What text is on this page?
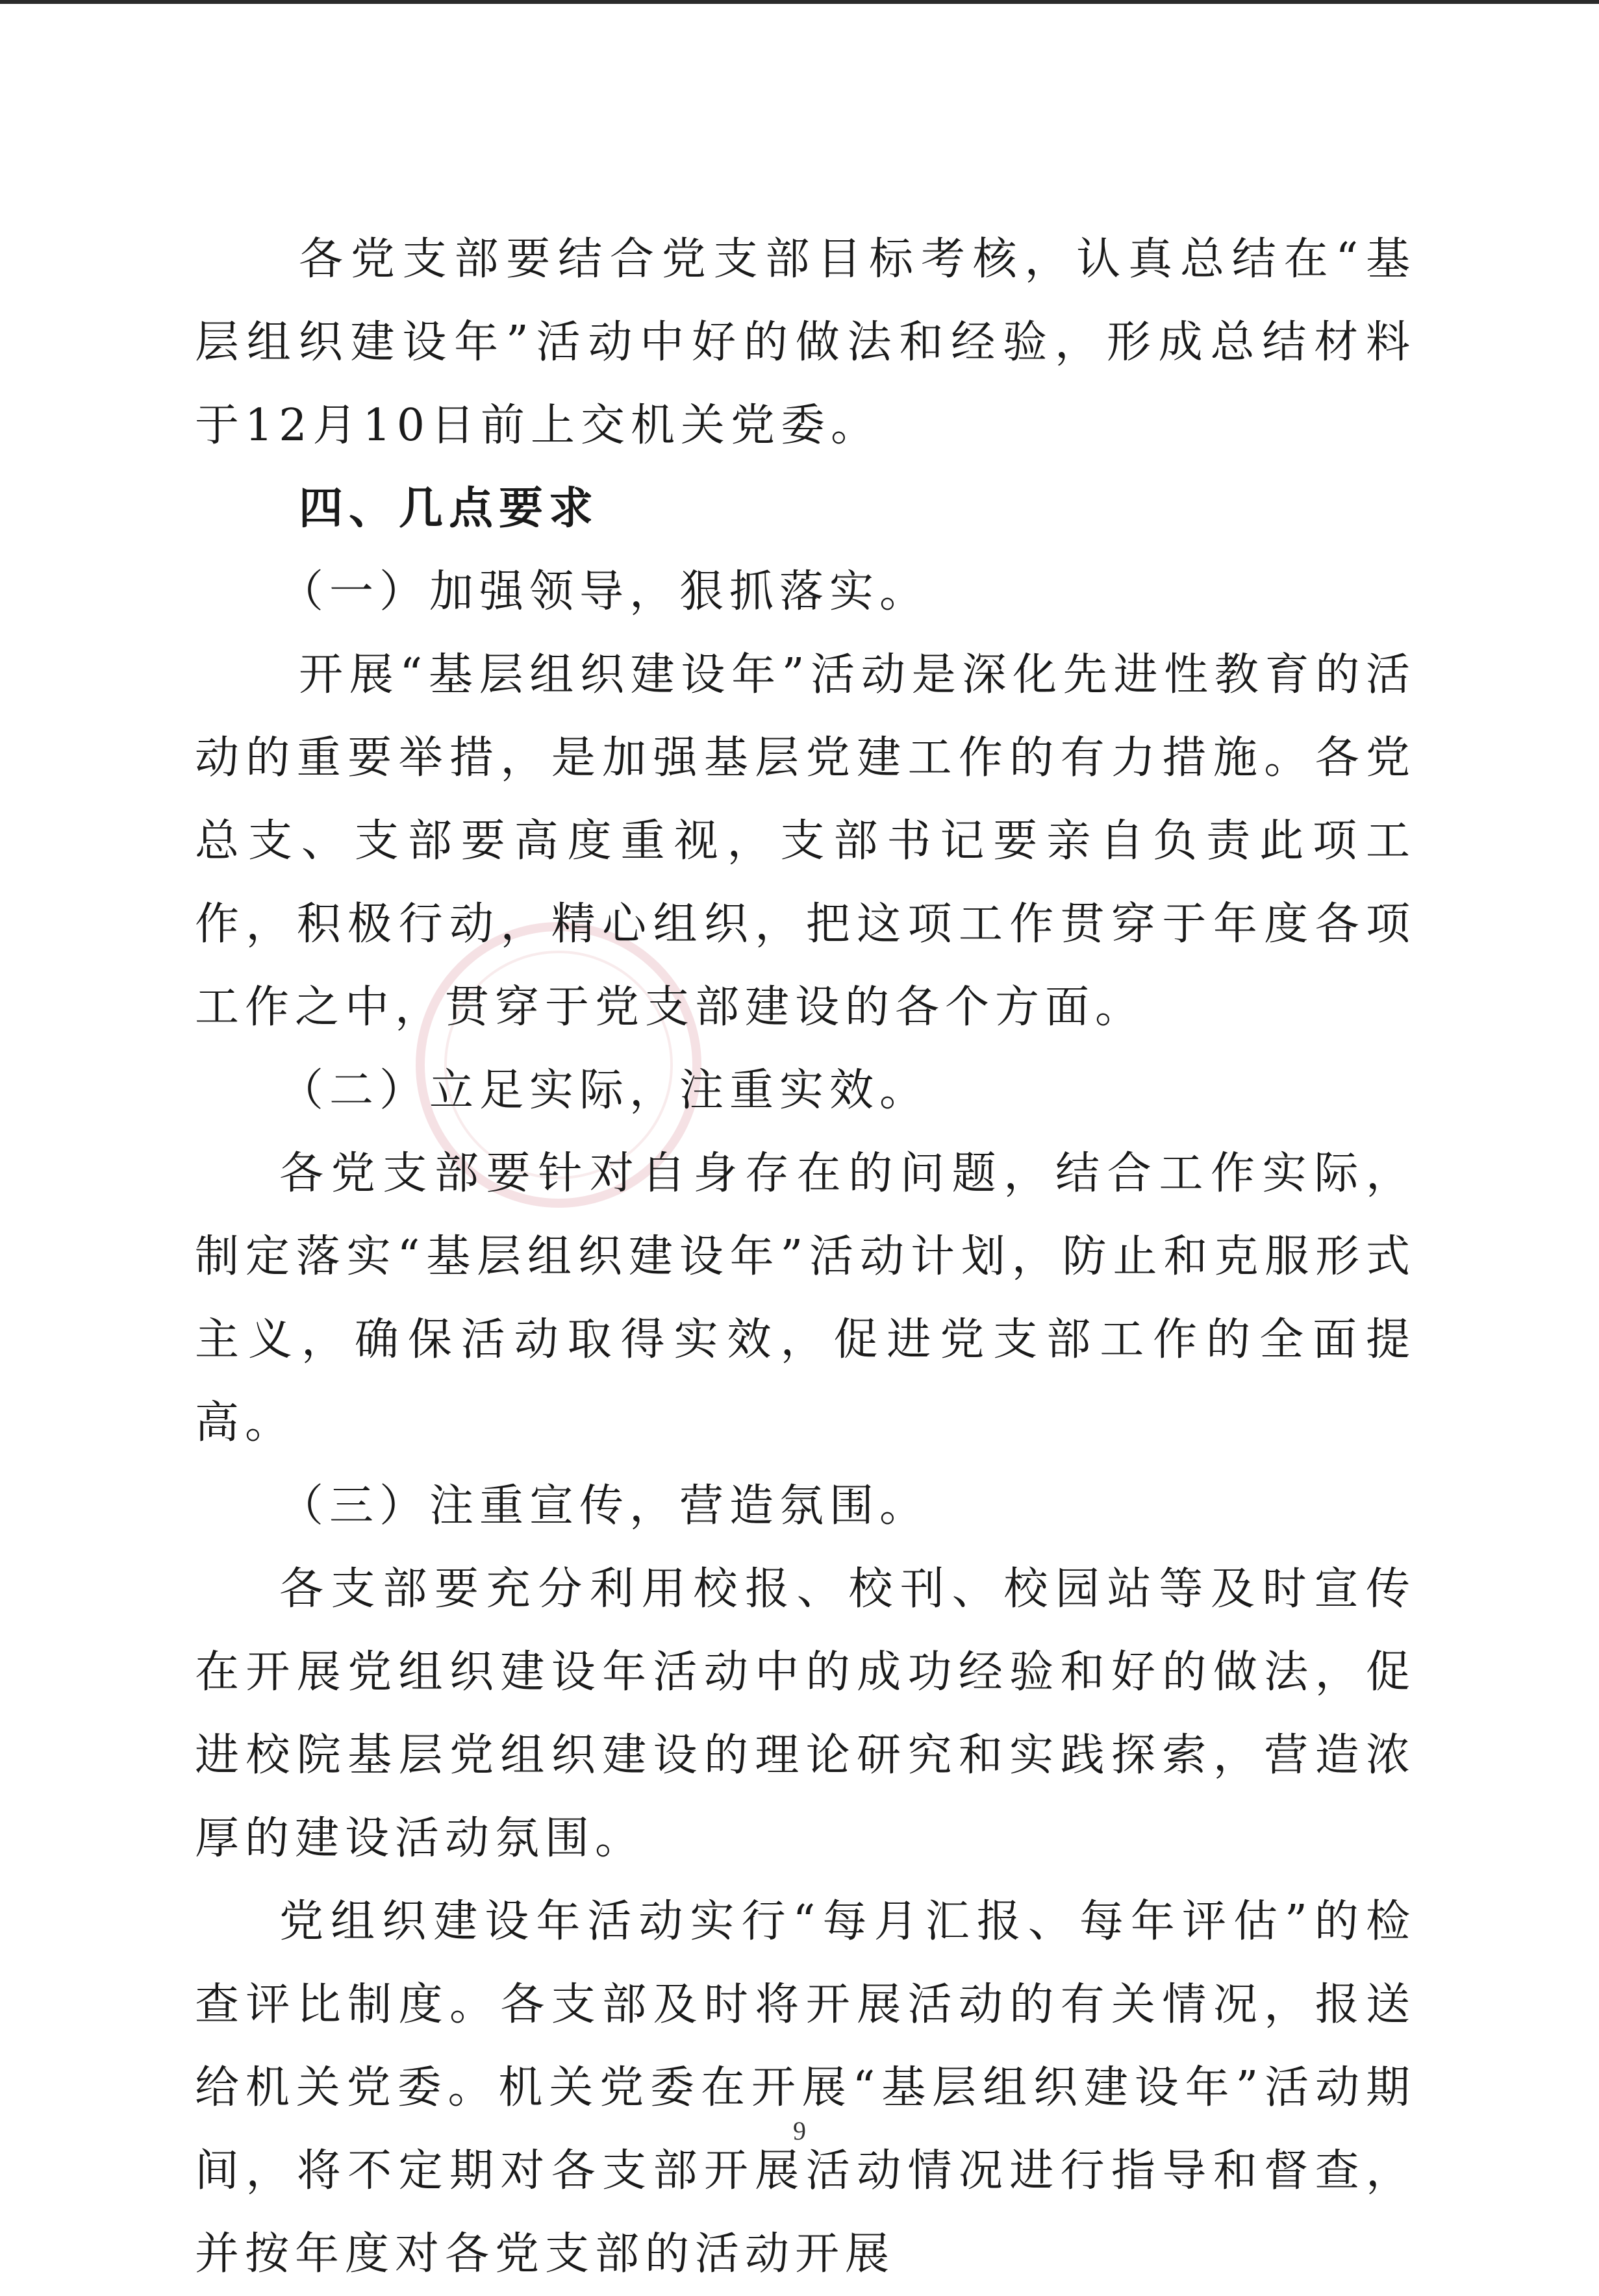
各党支部要结合党支部目标考核，认真总结在“基层组织建设年”活动中好的做法和经验，形成总结材料于12月10日前上交机关党委。

四、几点要求

（一）加强领导，狠抓落实。

开展“基层组织建设年”活动是深化先进性教育的活动的重要举措，是加强基层党建工作的有力措施。各党总支、支部要高度重视，支部书记要亲自负责此项工作，积极行动，精心组织，把这项工作贯穿于年度各项工作之中，贯穿于党支部建设的各个方面。

（二）立足实际，注重实效。

各党支部要针对自身存在的问题，结合工作实际，制定落实“基层组织建设年”活动计划，防止和克服形式主义，确保活动取得实效，促进党支部工作的全面提高。

（三）注重宣传，营造氛围。

各支部要充分利用校报、校刊、校园站等及时宣传在开展党组织建设年活动中的成功经验和好的做法，促进校院基层党组织建设的理论研究和实践探索，营造浓厚的建设活动氛围。

党组织建设年活动实行“每月汇报、每年评估”的检查评比制度。各支部及时将开展活动的有关情况，报送给机关党委。机关党委在开展“基层组织建设年”活动期间，将不定期对各支部开展活动情况进行指导和督查，并按年度对各党支部的活动开展

9
